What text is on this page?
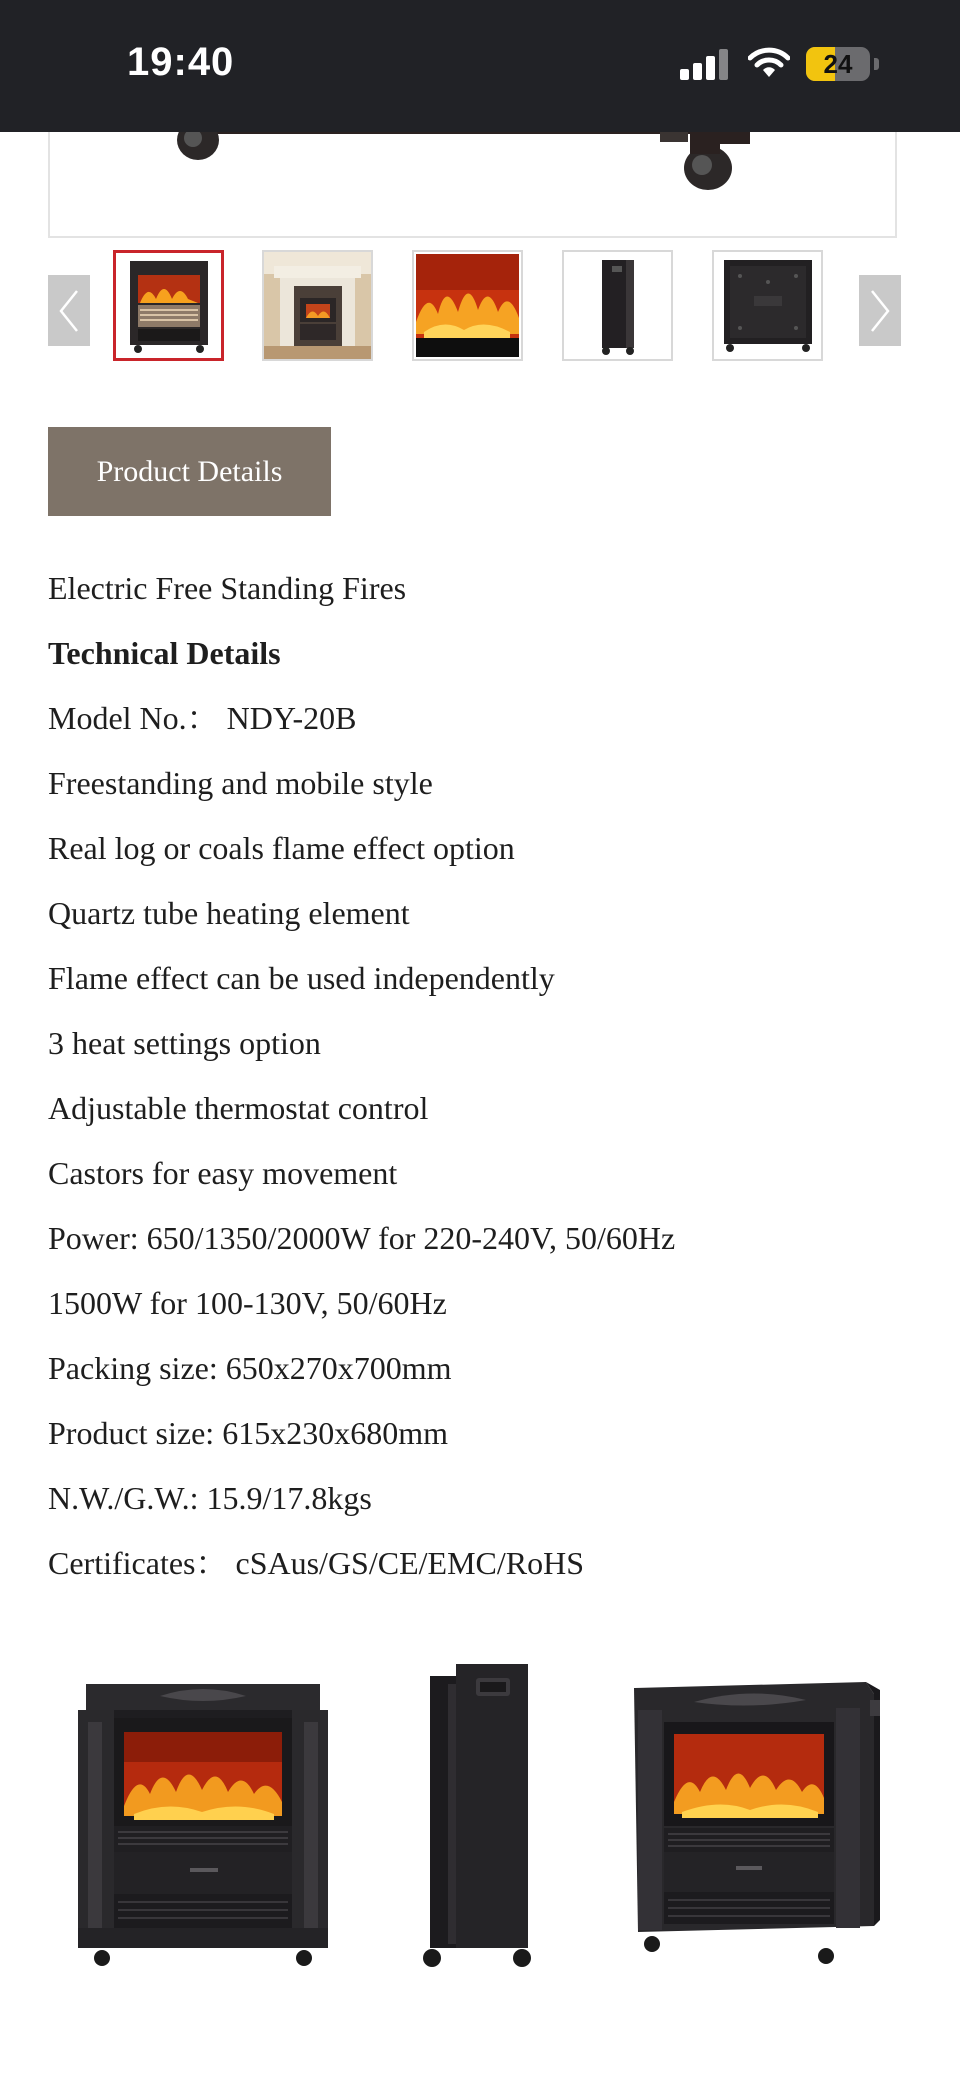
19:40	24
Product Details
Electric Free Standing Fires
Technical Details
Model No.： NDY-20B
Freestanding and mobile style
Real log or coals flame effect option
Quartz tube heating element
Flame effect can be used independently
3 heat settings option
Adjustable thermostat control
Castors for easy movement
Power: 650/1350/2000W for 220-240V, 50/60Hz
1500W for 100-130V, 50/60Hz
Packing size: 650x270x700mm
Product size: 615x230x680mm
N.W./G.W.: 15.9/17.8kgs
Certificates： cSAus/GS/CE/EMC/RoHS
